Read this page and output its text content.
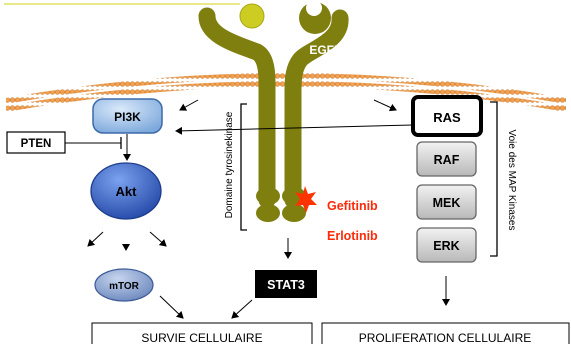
EGFR
Domaine tyrosinekinase	Gefitinib
Erlotinib
PI3K
PTEN
Akt
mTOR	STAT3
RAS
RAF
MEK
ERK
Voie des MAP Kinases
SURVIE CELLULAIRE	PROLIFERATION CELLULAIRE
